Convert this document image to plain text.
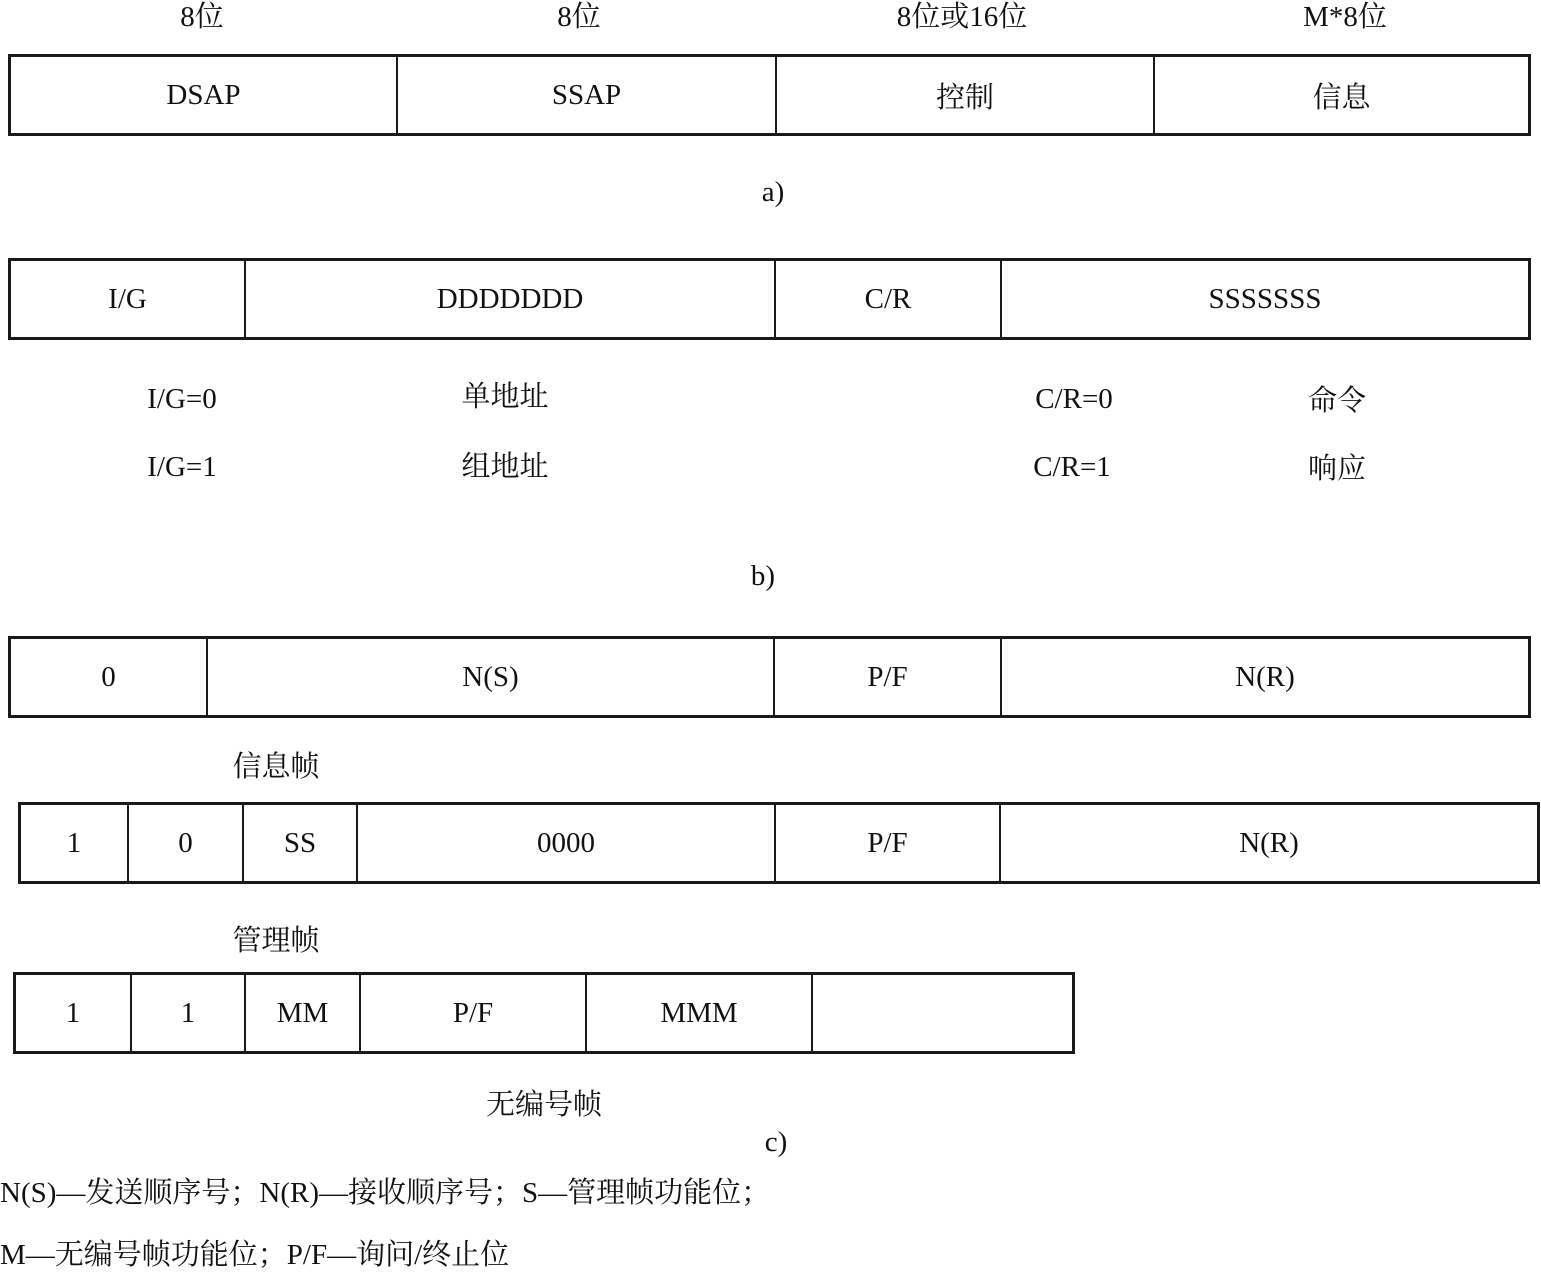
8位	8位	8位或16位	M*8位
DSAP	SSAP	控制	信息
a)
I/G	DDDDDDD	C/R	SSSSSSS
I/G=0	单地址	C/R=0	命令
I/G=1	组地址	C/R=1	响应
b)
0	N(S)	P/F	N(R)
信息帧
1	0	SS	0000	P/F	N(R)
管理帧
1	1	MM	P/F	MMM
无编号帧
c)
N(S)—发送顺序号；N(R)—接收顺序号；S—管理帧功能位；
M—无编号帧功能位；P/F—询问/终止位
